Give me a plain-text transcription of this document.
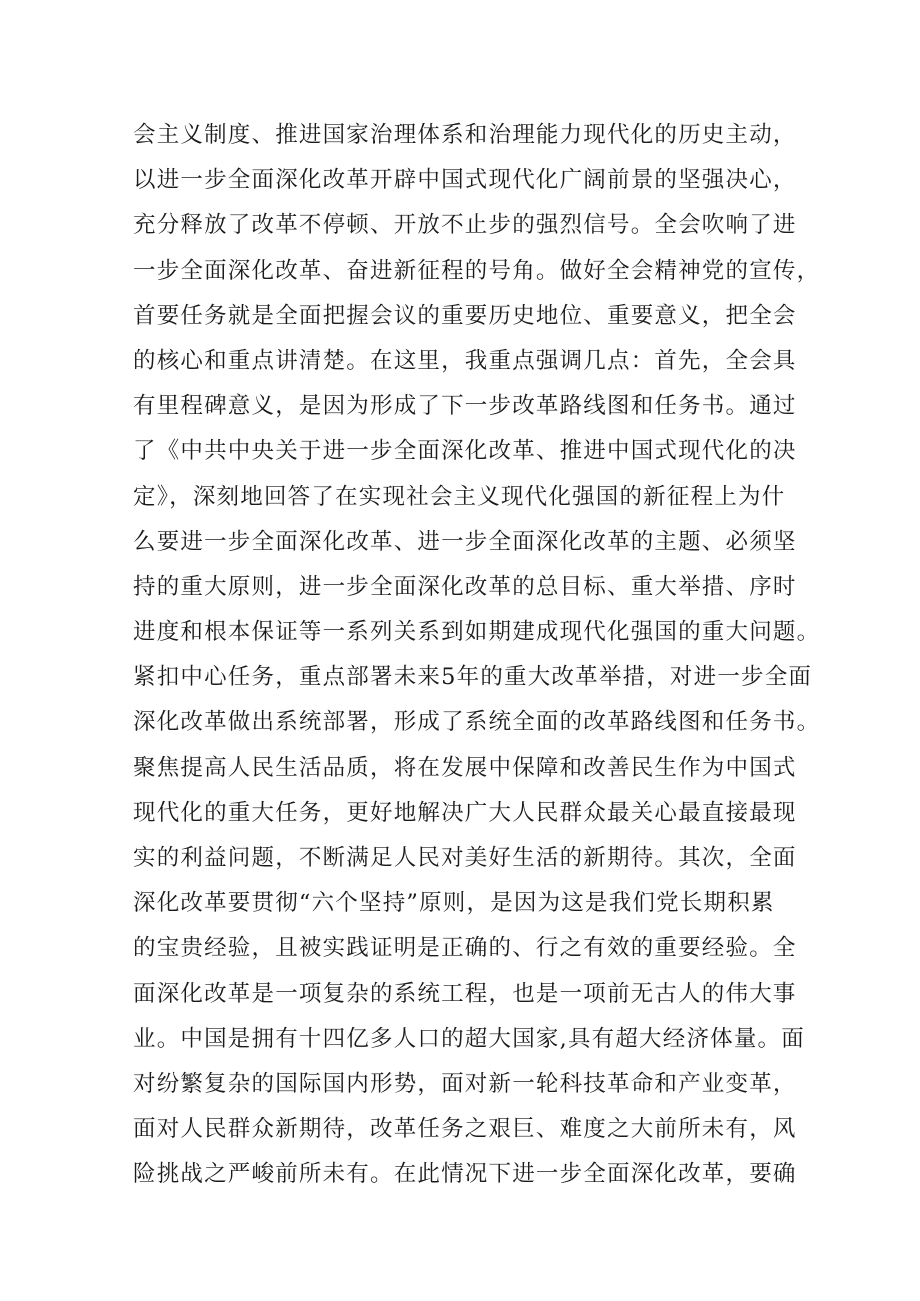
会主义制度、推进国家治理体系和治理能力现代化的历史主动，
以进一步全面深化改革开辟中国式现代化广阔前景的坚强决心，
充分释放了改革不停顿、开放不止步的强烈信号。全会吹响了进
一步全面深化改革、奋进新征程的号角。做好全会精神党的宣传，
首要任务就是全面把握会议的重要历史地位、重要意义，把全会
的核心和重点讲清楚。在这里，我重点强调几点：首先，全会具
有里程碑意义，是因为形成了下一步改革路线图和任务书。通过
了《中共中央关于进一步全面深化改革、推进中国式现代化的决
定》，深刻地回答了在实现社会主义现代化强国的新征程上为什
么要进一步全面深化改革、进一步全面深化改革的主题、必须坚
持的重大原则，进一步全面深化改革的总目标、重大举措、序时
进度和根本保证等一系列关系到如期建成现代化强国的重大问题。
紧扣中心任务，重点部署未来5年的重大改革举措，对进一步全面
深化改革做出系统部署，形成了系统全面的改革路线图和任务书。
聚焦提高人民生活品质，将在发展中保障和改善民生作为中国式
现代化的重大任务，更好地解决广大人民群众最关心最直接最现
实的利益问题，不断满足人民对美好生活的新期待。其次，全面
深化改革要贯彻“六个坚持”原则，是因为这是我们党长期积累
的宝贵经验，且被实践证明是正确的、行之有效的重要经验。全
面深化改革是一项复杂的系统工程，也是一项前无古人的伟大事
业。中国是拥有十四亿多人口的超大国家,具有超大经济体量。面
对纷繁复杂的国际国内形势，面对新一轮科技革命和产业变革，
面对人民群众新期待，改革任务之艰巨、难度之大前所未有，风
险挑战之严峻前所未有。在此情况下进一步全面深化改革，要确
